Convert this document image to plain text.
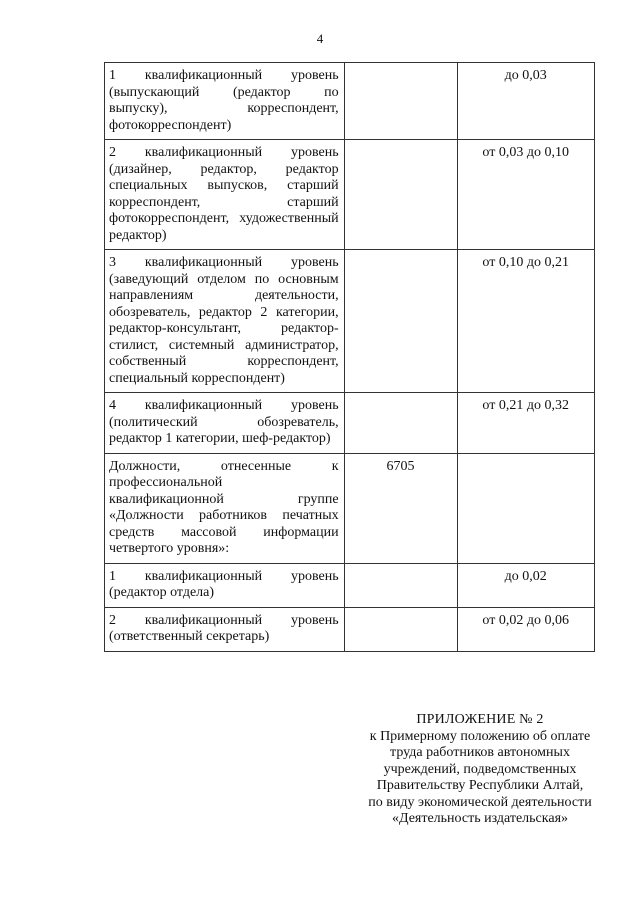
4
1 квалификационный уровень (выпускающий (редактор по выпуску), корреспондент, фотокорреспондент)		до 0,03
2 квалификационный уровень (дизайнер, редактор, редактор специальных выпусков, старший корреспондент, старший фотокорреспондент, художественный редактор)		от 0,03 до 0,10
3 квалификационный уровень (заведующий отделом по основным направлениям деятельности, обозреватель, редактор 2 категории, редактор-консультант, редактор-стилист, системный администратор, собственный корреспондент, специальный корреспондент)		от 0,10 до 0,21
4 квалификационный уровень (политический обозреватель, редактор 1 категории, шеф-редактор)		от 0,21 до 0,32
Должности, отнесенные к профессиональной квалификационной группе «Должности работников печатных средств массовой информации четвертого уровня»:	6705	
1 квалификационный уровень (редактор отдела)		до 0,02
2 квалификационный уровень (ответственный секретарь)		от 0,02 до 0,06
ПРИЛОЖЕНИЕ № 2
к Примерному положению об оплате
труда работников автономных
учреждений, подведомственных
Правительству Республики Алтай,
по виду экономической деятельности
«Деятельность издательская»
